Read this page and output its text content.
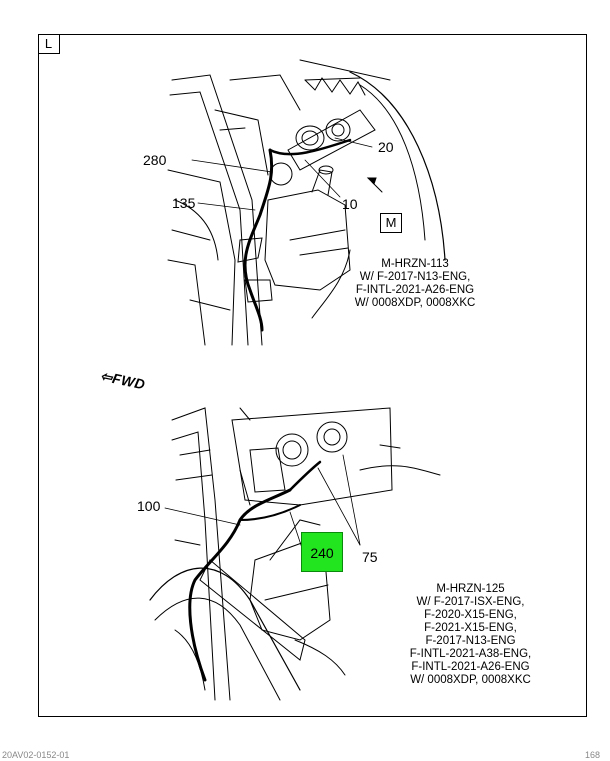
L
280
20
135	10
M
M-HRZN-113
W/ F-2017-N13-ENG,
F-INTL-2021-A26-ENG
W/ 0008XDP, 0008XKC
⇦FWD
100
240	75
M-HRZN-125
W/ F-2017-ISX-ENG,
F-2020-X15-ENG,
F-2021-X15-ENG,
F-2017-N13-ENG
F-INTL-2021-A38-ENG,
F-INTL-2021-A26-ENG
W/ 0008XDP, 0008XKC
20AV02-0152-01	168
